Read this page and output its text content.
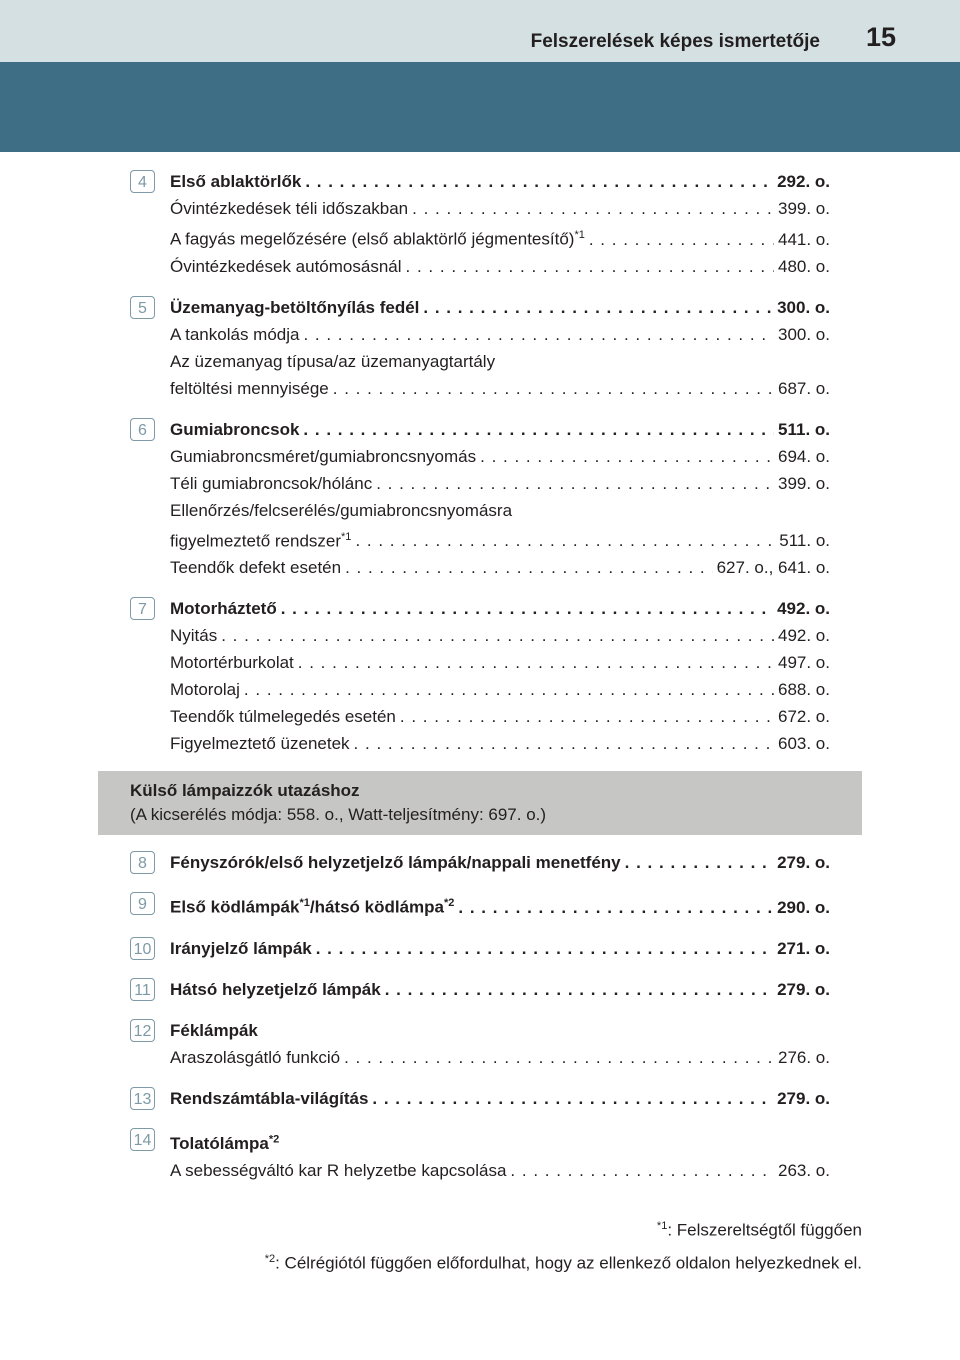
Felszerelések képes ismertetője 15
4	Első ablaktörlők . . .	292. o.
Óvintézkedések téli időszakban . . .	399. o.
A fagyás megelőzésére (első ablaktörlő jégmentesítő)$^{*1}$ . . .	441. o.
Óvintézkedések autómosásnál . . .	480. o.
5	Üzemanyag-betöltőnyílás fedél . . .	300. o.
A tankolás módja . . .	300. o.
Az üzemanyag típusa/az üzemanyagtartály
feltöltési mennyisége . . .	687. o.
6	Gumiabroncsok . . .	511. o.
Gumiabroncsméret/gumiabroncsnyomás . . .	694. o.
Téli gumiabroncsok/hólánc . . .	399. o.
Ellenőrzés/felcserélés/gumiabroncsnyomásra
figyelmeztető rendszer$^{*1}$ . . .	511. o.
Teendők defekt esetén . . .	627. o., 641. o.
7	Motorháztető . . .	492. o.
Nyitás . . .	492. o.
Motortérburkolat . . .	497. o.
Motorolaj . . .	688. o.
Teendők túlmelegedés esetén . . .	672. o.
Figyelmeztető üzenetek . . .	603. o.
Külső lámpaizzók utazáshoz
(A kicserélés módja: 558. o., Watt-teljesítmény: 697. o.)
8	Fényszórók/első helyzetjelző lámpák/nappali menetfény . . .	279. o.
9	Első ködlámpák$^{*1}$/hátsó ködlámpa$^{*2}$ . . .	290. o.
10 Irányjelző lámpák . . .	271. o.
11 Hátsó helyzetjelző lámpák . . .	279. o.
12 Féklámpák
Araszolásgátló funkció . . .	276. o.
13 Rendszámtábla-világítás . . .	279. o.
14 Tolatólámpa$^{*2}$
A sebességváltó kar R helyzetbe kapcsolása . . .	263. o.
$^{*1}$: Felszereltségtől függően
$^{*2}$: Célrégiótól függően előfordulhat, hogy az ellenkező oldalon helyezkednek el.
